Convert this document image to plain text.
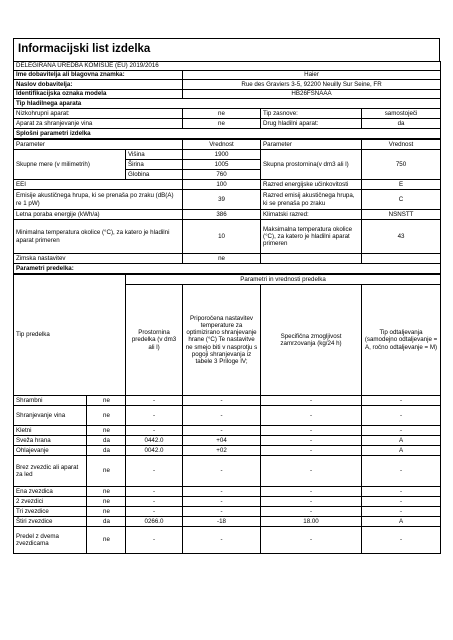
Informacijski list izdelka
DELEGIRANA UREDBA KOMISIJE (EU) 2019/2016			
Ime dobavitelja ali blagovna znamka:	Haier		
Naslov dobavitelja:	Rue des Graviers 3-5, 92200 Neuilly Sur Seine, FR		
Identifikacijska oznaka modela	HB26FSNAAA		
Tip hladilnega aparata			
Nizkohrupni aparat:	ne	Tip zasnove:	samostoječi
Aparat za shranjevanje vina	ne	Drug hladilni aparat:	da
Splošni parametri izdelka			
Parameter		Vrednost	Parameter	Vrednost
Skupne mere (v milimetrih)	Višina	1900	Skupna prostornina(v dm3 ali l)	750
	Širina	1005		
	Globina	760		
EEI		100	Razred energijske učinkovitosti	E
Emisije akustičnega hrupa, ki se prenaša po zraku (dB(A) re 1 pW)		39	Razred emisij akustičnega hrupa, ki se prenaša po zraku	C
Letna poraba energije (kWh/a)		386	Klimatski razred:	NSNSTT
Minimalna temperatura okolice (°C), za katero je hladilni aparat primeren		10	Maksimalna temperatura okolice (°C), za katero je hladilni aparat primeren	43
Zimska nastavitev		ne		
Parametri predelka:				
Tip predelka		Parametri in vrednosti predelka			
		Prostornina predelka (v dm3 ali l)	Priporočena nastavitev temperature za optimizirano shranjevanje hrane (°C) Te nastavitve ne smejo biti v nasprotju s pogoji shranjevanja iz tabele 3 Priloge IV;	Specifična zmogljivost zamrzovanja (kg/24 h)	Tip odtaljevanja (samodejno odtaljevanje = A, ročno odtaljevanje = M)
Shrambni	ne	-	-	-	-
Shranjevanje vina	ne	-	-	-	-
Kletni	ne	-	-	-	-
Sveža hrana	da	0442.0	+04	-	A
Ohlajevanje	da	0042.0	+02	-	A
Brez zvezdic ali aparat za led	ne	-	-	-	-
Ena zvezdica	ne	-	-	-	-
2 zvezdici	ne	-	-	-	-
Tri zvezdice	ne	-	-	-	-
Štiri zvezdice	da	0266.0	-18	18.00	A
Predel z dvema zvezdicama	ne	-	-	-	-
